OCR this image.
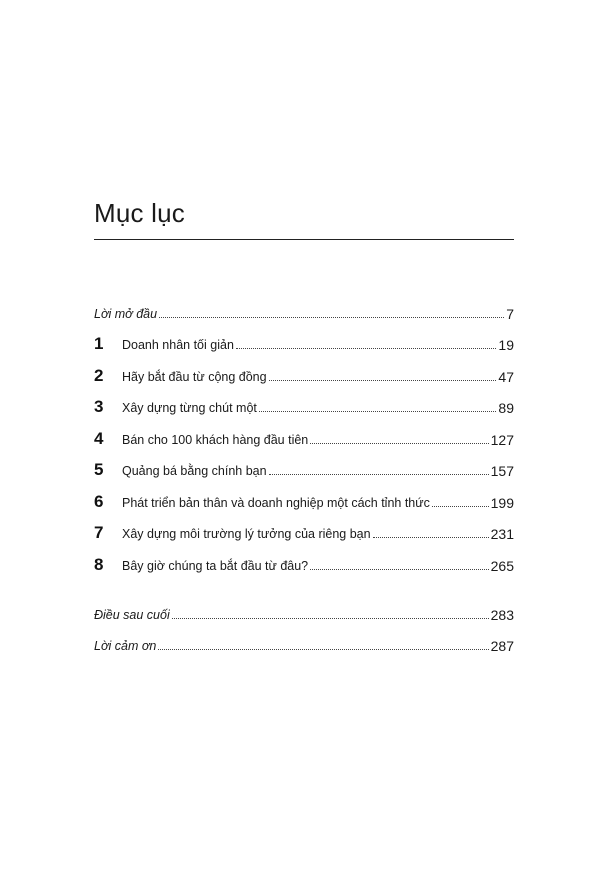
Mục lục
Lời mở đầu	7
1	Doanh nhân tối giản	19
2	Hãy bắt đầu từ cộng đồng	47
3	Xây dựng từng chút một	89
4	Bán cho 100 khách hàng đầu tiên	127
5	Quảng bá bằng chính bạn	157
6	Phát triển bản thân và doanh nghiệp một cách tỉnh thức	199
7	Xây dựng môi trường lý tưởng của riêng bạn	231
8	Bây giờ chúng ta bắt đầu từ đâu?	265
Điều sau cuối	283
Lời cảm ơn	287
